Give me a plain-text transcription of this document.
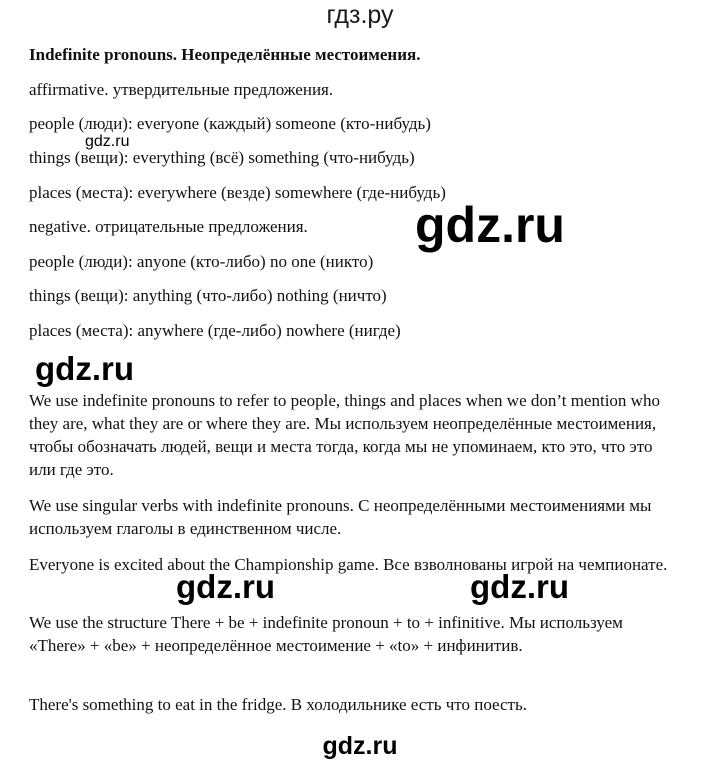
гдз.ру
Indefinite pronouns. Неопределённые местоимения.
affirmative. утвердительные предложения.
people (люди): everyone (каждый) someone (кто-нибудь)
things (вещи): everything (всё) something (что-нибудь)
places (места): everywhere (везде) somewhere (где-нибудь)
negative. отрицательные предложения.
people (люди): anyone (кто-либо) no one (никто)
things (вещи): anything (что-либо) nothing (ничто)
places (места): anywhere (где-либо) nowhere (нигде)
We use indefinite pronouns to refer to people, things and places when we don’t mention who they are, what they are or where they are. Мы используем неопределённые местоимения, чтобы обозначать людей, вещи и места тогда, когда мы не упоминаем, кто это, что это или где это.
We use singular verbs with indefinite pronouns. С неопределёнными местоимениями мы используем глаголы в единственном числе.
Everyone is excited about the Championship game. Все взволнованы игрой на чемпионате.
We use the structure There + be + indefinite pronoun + to + infinitive. Мы используем «There» + «be» + неопределённое местоимение + «to» + инфинитив.
There's something to eat in the fridge. В холодильнике есть что поесть.
gdz.ru
gdz.ru
gdz.ru
gdz.ru	gdz.ru
gdz.ru
